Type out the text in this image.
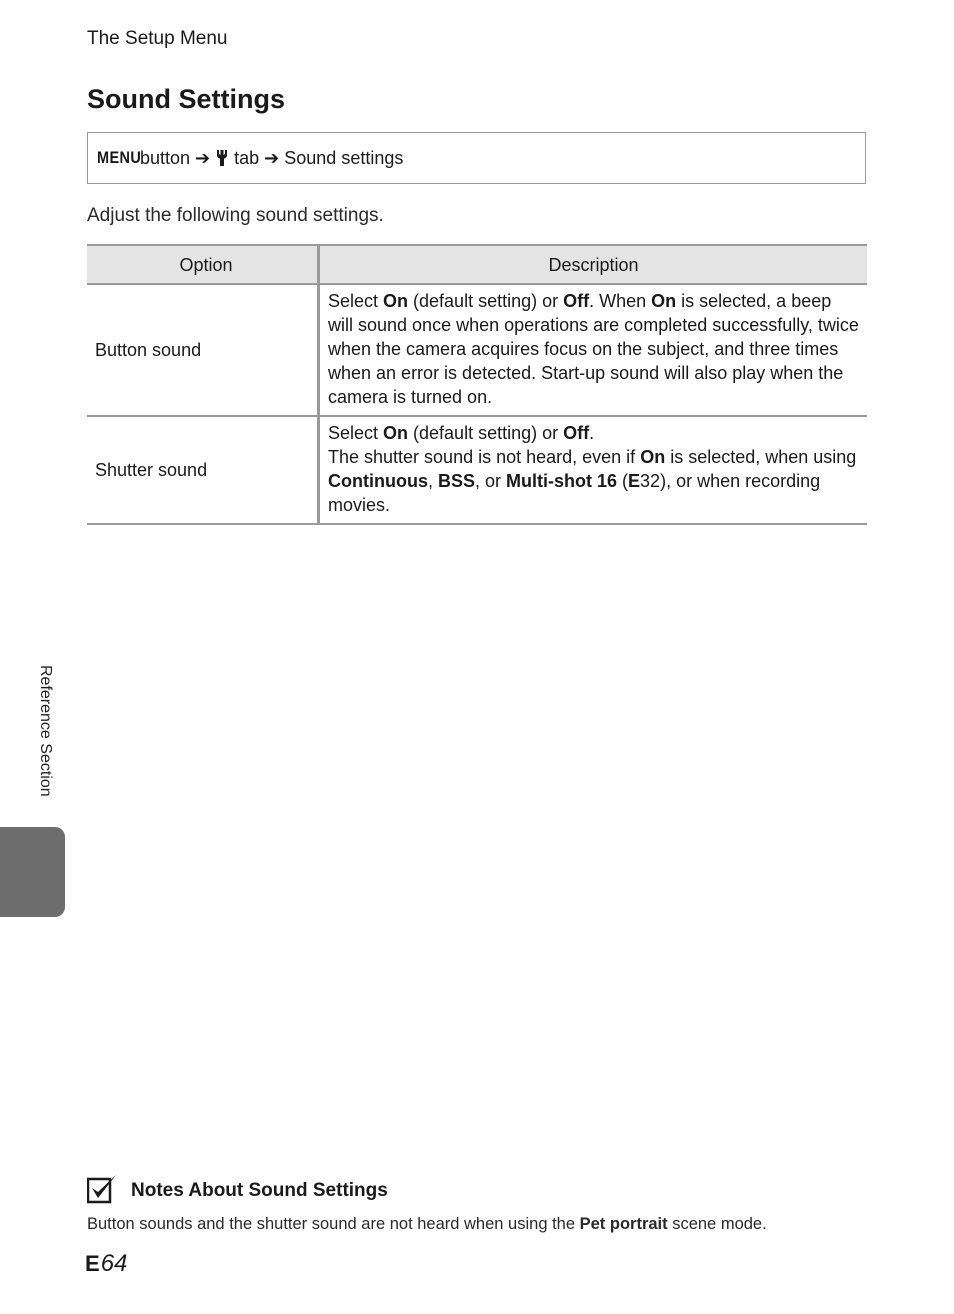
The Setup Menu
Sound Settings
MENU
button ➔ tab ➔ Sound settings
Adjust the following sound settings.
Option	Description
Button sound	Select On (default setting) or Off. When On is selected, a beep will sound once when operations are completed successfully, twice when the camera acquires focus on the subject, and three times when an error is detected. Start-up sound will also play when the camera is turned on.
Shutter sound	Select On (default setting) or Off.
The shutter sound is not heard, even if On is selected, when using Continuous, BSS, or Multi-shot 16 (E32), or when recording movies.
Reference Section
Notes About Sound Settings
Button sounds and the shutter sound are not heard when using the Pet portrait scene mode.
E 64
